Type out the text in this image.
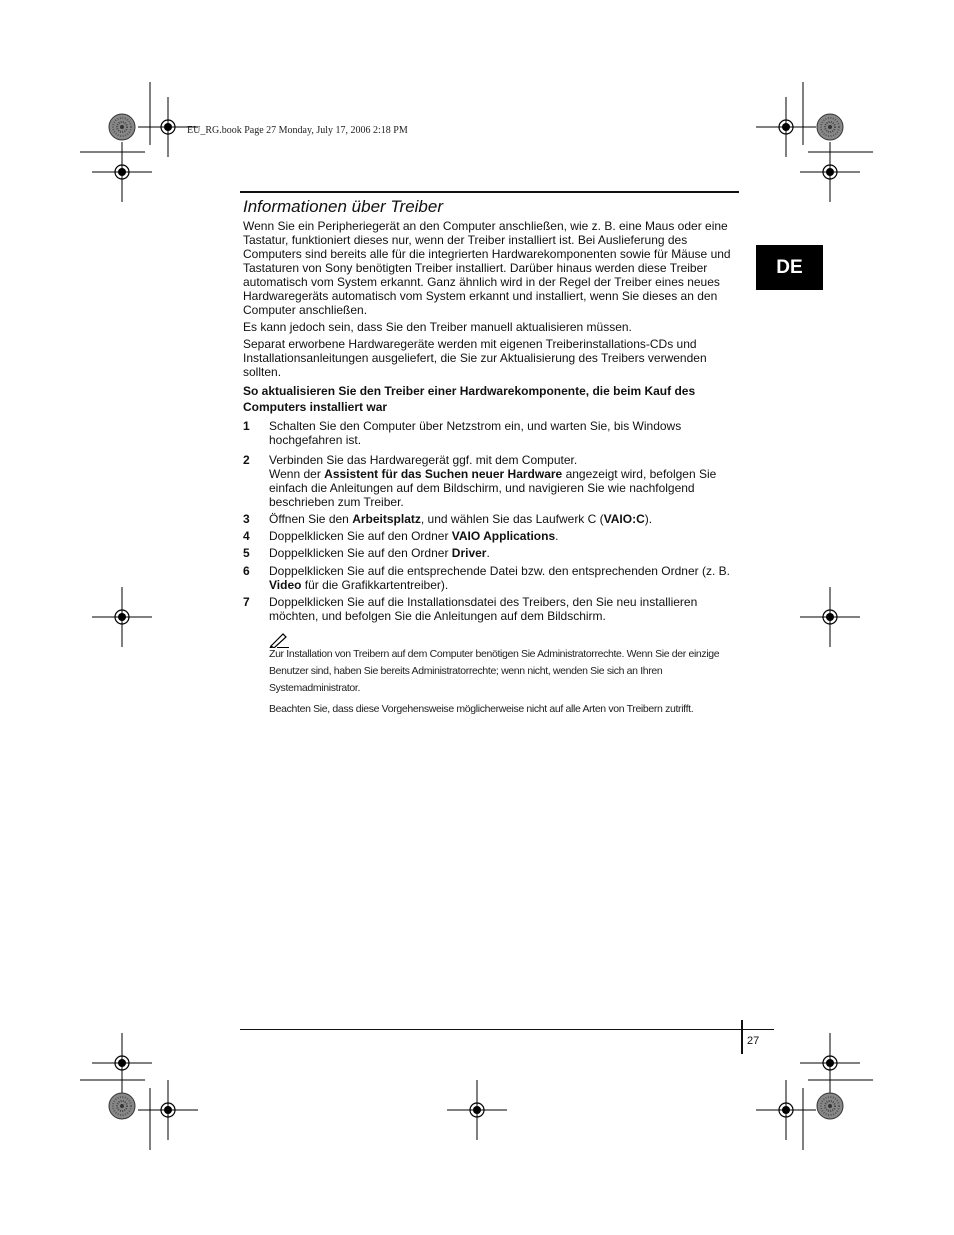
EU_RG.book Page 27 Monday, July 17, 2006 2:18 PM
DE
Informationen über Treiber
Wenn Sie ein Peripheriegerät an den Computer anschließen, wie z. B. eine Maus oder eine Tastatur, funktioniert dieses nur, wenn der Treiber installiert ist. Bei Auslieferung des Computers sind bereits alle für die integrierten Hardwarekomponenten sowie für Mäuse und Tastaturen von Sony benötigten Treiber installiert. Darüber hinaus werden diese Treiber automatisch vom System erkannt. Ganz ähnlich wird in der Regel der Treiber eines neues Hardwaregeräts automatisch vom System erkannt und installiert, wenn Sie dieses an den Computer anschließen.
Es kann jedoch sein, dass Sie den Treiber manuell aktualisieren müssen.
Separat erworbene Hardwaregeräte werden mit eigenen Treiberinstallations-CDs und Installationsanleitungen ausgeliefert, die Sie zur Aktualisierung des Treibers verwenden sollten.
So aktualisieren Sie den Treiber einer Hardwarekomponente, die beim Kauf des Computers installiert war
1 Schalten Sie den Computer über Netzstrom ein, und warten Sie, bis Windows hochgefahren ist.
2 Verbinden Sie das Hardwaregerät ggf. mit dem Computer.
Wenn der Assistent für das Suchen neuer Hardware angezeigt wird, befolgen Sie einfach die Anleitungen auf dem Bildschirm, und navigieren Sie wie nachfolgend beschrieben zum Treiber.
3 Öffnen Sie den Arbeitsplatz, und wählen Sie das Laufwerk C (VAIO:C).
4 Doppelklicken Sie auf den Ordner VAIO Applications.
5 Doppelklicken Sie auf den Ordner Driver.
6 Doppelklicken Sie auf die entsprechende Datei bzw. den entsprechenden Ordner (z. B. Video für die Grafikkartentreiber).
7 Doppelklicken Sie auf die Installationsdatei des Treibers, den Sie neu installieren möchten, und befolgen Sie die Anleitungen auf dem Bildschirm.
Zur Installation von Treibern auf dem Computer benötigen Sie Administratorrechte. Wenn Sie der einzige Benutzer sind, haben Sie bereits Administratorrechte; wenn nicht, wenden Sie sich an Ihren Systemadministrator.
Beachten Sie, dass diese Vorgehensweise möglicherweise nicht auf alle Arten von Treibern zutrifft.
27
